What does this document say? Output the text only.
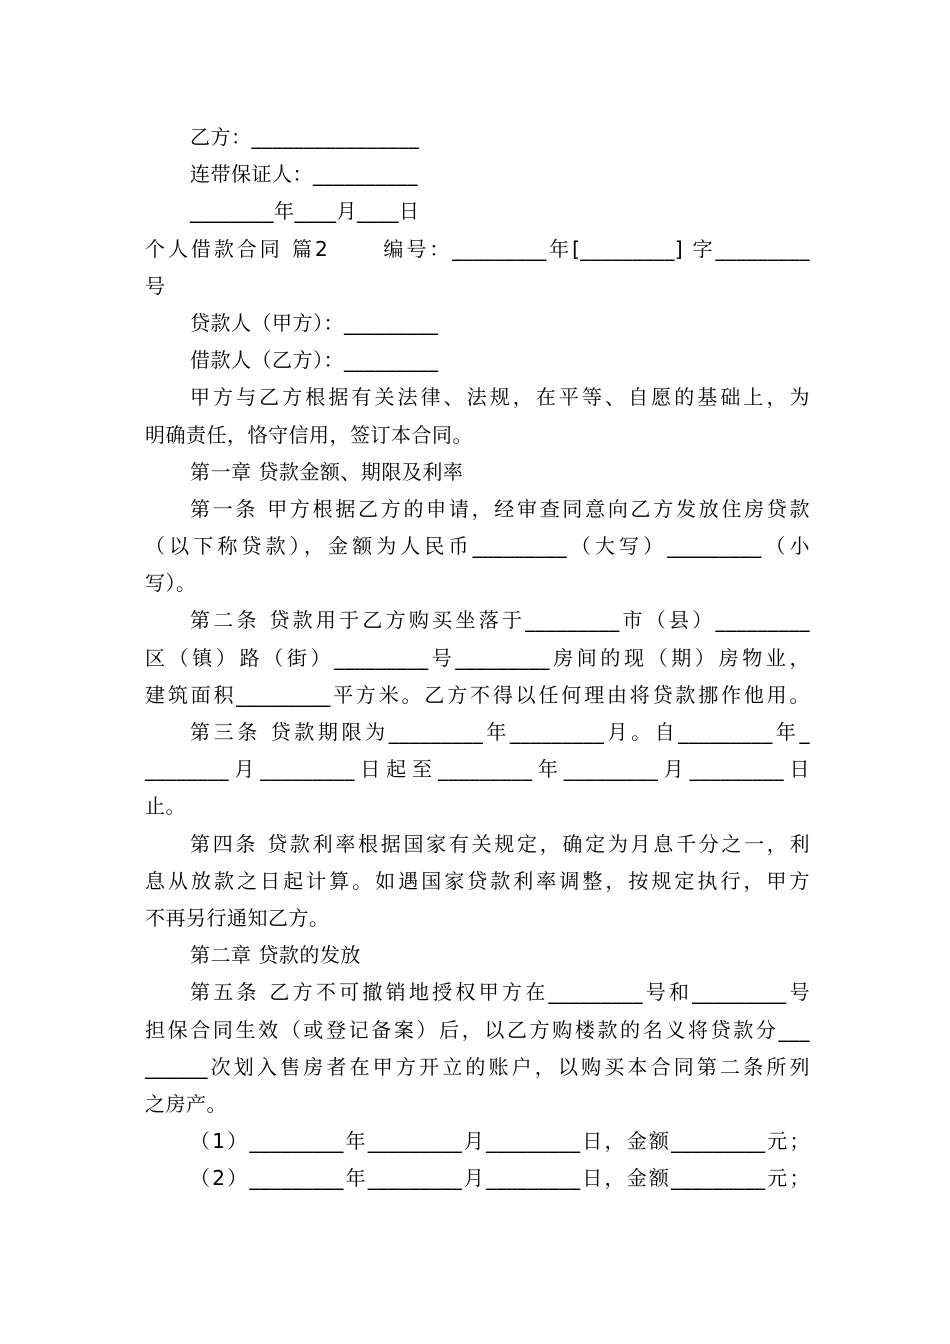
乙方：________________
连带保证人：__________
________年____月____日
个人借款合同 篇2 　　编号：_________年[_________] 字_________
号
贷款人（甲方）：_________
借款人（乙方）：_________
甲方与乙方根据有关法律、法规，在平等、自愿的基础上，为
明确责任，恪守信用，签订本合同。
第一章 贷款金额、期限及利率
第一条 甲方根据乙方的申请，经审查同意向乙方发放住房贷款
（以下称贷款），金额为人民币_________（大写）_________（小
写）。
第二条 贷款用于乙方购买坐落于_________市（县）_________
区（镇）路（街）_________号_________房间的现（期）房物业，
建筑面积_________平方米。乙方不得以任何理由将贷款挪作他用。
第三条 贷款期限为_________年_________月。自_________年_
________月_________日起至_________年_________月_________日
止。
第四条 贷款利率根据国家有关规定，确定为月息千分之一，利
息从放款之日起计算。如遇国家贷款利率调整，按规定执行，甲方
不再另行通知乙方。
第二章 贷款的发放
第五条 乙方不可撤销地授权甲方在_________号和_________号
担保合同生效（或登记备案）后，以乙方购楼款的名义将贷款分___
______次划入售房者在甲方开立的账户，以购买本合同第二条所列
之房产。
（1）_________年_________月_________日，金额_________元；
（2）_________年_________月_________日，金额_________元；
